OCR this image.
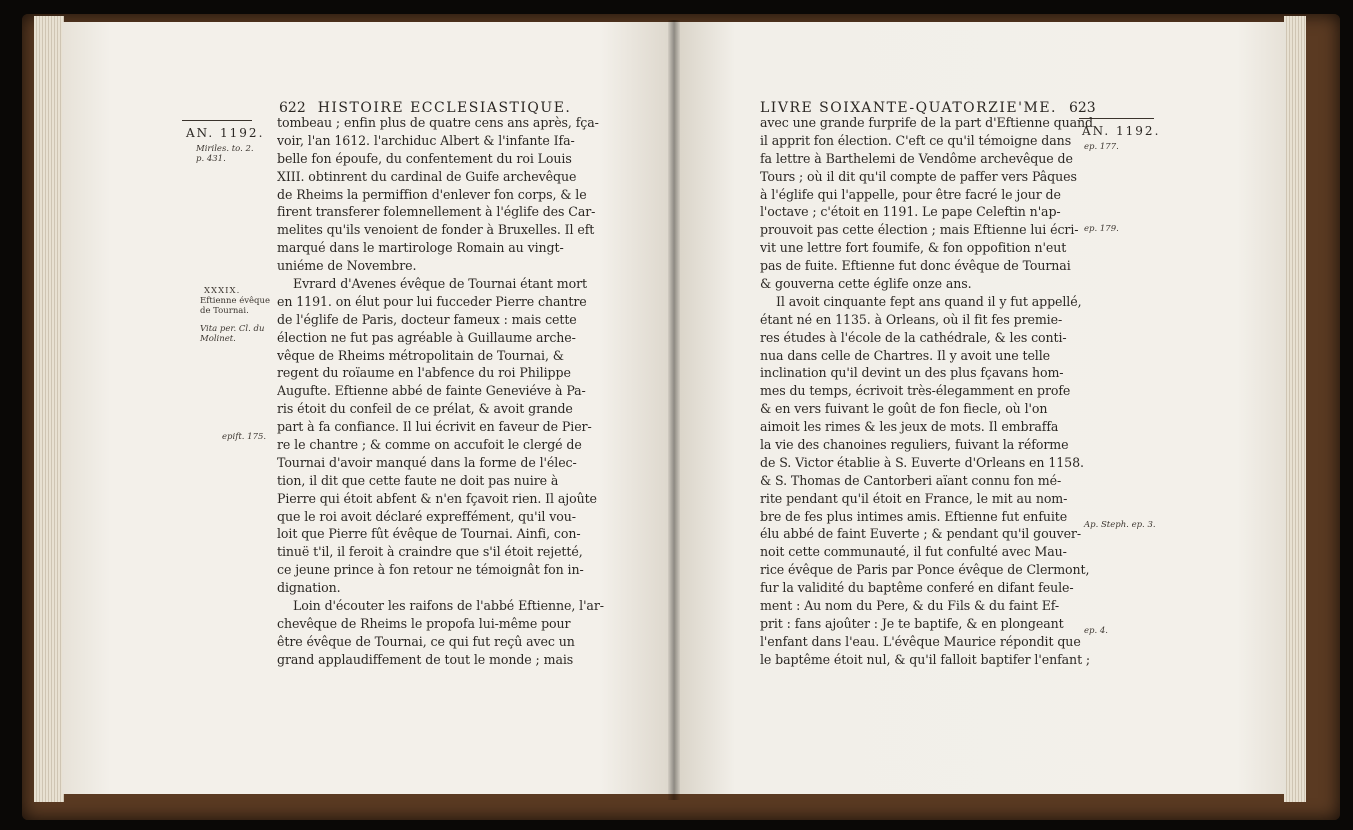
622 HISTOIRE ECCLESIASTIQUE.
AN. 1192.
Miriles. to. 2.
p. 431.
XXXIX.
Eftienne évêque
de Tournai.
Vita per. Cl. du
Molinet.
epift. 175.
tombeau ; enfin plus de quatre cens ans après, fça-
voir, l'an 1612. l'archiduc Albert & l'infante Ifa-
belle fon époufe, du confentement du roi Louis
XIII. obtinrent du cardinal de Guife archevêque
de Rheims la permiffion d'enlever fon corps, & le
firent transferer folemnellement à l'églife des Car-
melites qu'ils venoient de fonder à Bruxelles. Il eft
marqué dans le martirologe Romain au vingt-
uniéme de Novembre.
Evrard d'Avenes évêque de Tournai étant mort
en 1191. on élut pour lui fucceder Pierre chantre
de l'églife de Paris, docteur fameux : mais cette
élection ne fut pas agréable à Guillaume arche-
vêque de Rheims métropolitain de Tournai, &
regent du roïaume en l'abfence du roi Philippe
Augufte. Eftienne abbé de fainte Geneviéve à Pa-
ris étoit du confeil de ce prélat, & avoit grande
part à fa confiance. Il lui écrivit en faveur de Pier-
re le chantre ; & comme on accufoit le clergé de
Tournai d'avoir manqué dans la forme de l'élec-
tion, il dit que cette faute ne doit pas nuire à
Pierre qui étoit abfent & n'en fçavoit rien. Il ajoûte
que le roi avoit déclaré expreffément, qu'il vou-
loit que Pierre fût évêque de Tournai. Ainfi, con-
tinuë t'il, il feroit à craindre que s'il étoit rejetté,
ce jeune prince à fon retour ne témoignât fon in-
dignation.
Loin d'écouter les raifons de l'abbé Eftienne, l'ar-
chevêque de Rheims le propofa lui-même pour
être évêque de Tournai, ce qui fut reçû avec un
grand applaudiffement de tout le monde ; mais
LIVRE SOIXANTE-QUATORZIE'ME. 623
AN. 1192.
ep. 177.
ep. 179.
Ap. Steph. ep. 3.
ep. 4.
avec une grande furprife de la part d'Eftienne quand
il apprit fon élection. C'eft ce qu'il témoigne dans
fa lettre à Barthelemi de Vendôme archevêque de
Tours ; où il dit qu'il compte de paffer vers Pâques
à l'églife qui l'appelle, pour être facré le jour de
l'octave ; c'étoit en 1191. Le pape Celeftin n'ap-
prouvoit pas cette élection ; mais Eftienne lui écri-
vit une lettre fort foumife, & fon oppofition n'eut
pas de fuite. Eftienne fut donc évêque de Tournai
& gouverna cette églife onze ans.
Il avoit cinquante fept ans quand il y fut appellé,
étant né en 1135. à Orleans, où il fit fes premie-
res études à l'école de la cathédrale, & les conti-
nua dans celle de Chartres. Il y avoit une telle
inclination qu'il devint un des plus fçavans hom-
mes du temps, écrivoit très-élegamment en profe
& en vers fuivant le goût de fon fiecle, où l'on
aimoit les rimes & les jeux de mots. Il embraffa
la vie des chanoines reguliers, fuivant la réforme
de S. Victor établie à S. Euverte d'Orleans en 1158.
& S. Thomas de Cantorberi aïant connu fon mé-
rite pendant qu'il étoit en France, le mit au nom-
bre de fes plus intimes amis. Eftienne fut enfuite
élu abbé de faint Euverte ; & pendant qu'il gouver-
noit cette communauté, il fut confulté avec Mau-
rice évêque de Paris par Ponce évêque de Clermont,
fur la validité du baptême conferé en difant feule-
ment : Au nom du Pere, & du Fils & du faint Ef-
prit : fans ajoûter : Je te baptife, & en plongeant
l'enfant dans l'eau. L'évêque Maurice répondit que
le baptême étoit nul, & qu'il falloit baptifer l'enfant ;
